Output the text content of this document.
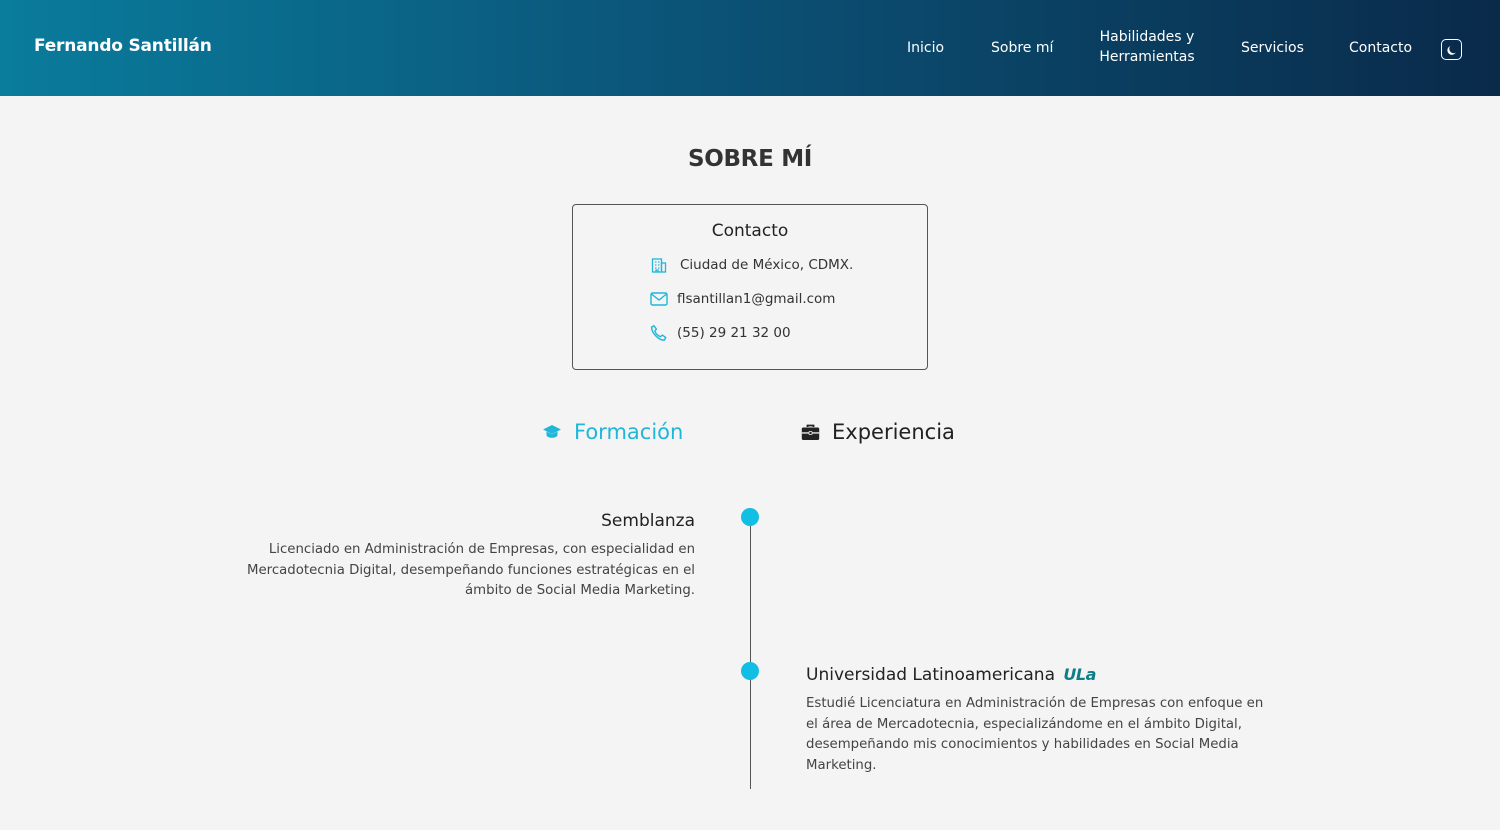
Fernando Santillán	Inicio	Sobre mí
Habilidades y Herramientas
Servicios	Contacto
SOBRE MÍ
Contacto
Ciudad de México, CDMX.
flsantillan1@gmail.com
(55) 29 21 32 00
Formación	Experiencia
Semblanza
Licenciado en Administración de Empresas, con especialidad en Mercadotecnia Digital, desempeñando funciones estratégicas en el ámbito de Social Media Marketing.
Universidad Latinoamericana ULa
Estudié Licenciatura en Administración de Empresas con enfoque en el área de Mercadotecnia, especializándome en el ámbito Digital, desempeñando mis conocimientos y habilidades en Social Media Marketing.
